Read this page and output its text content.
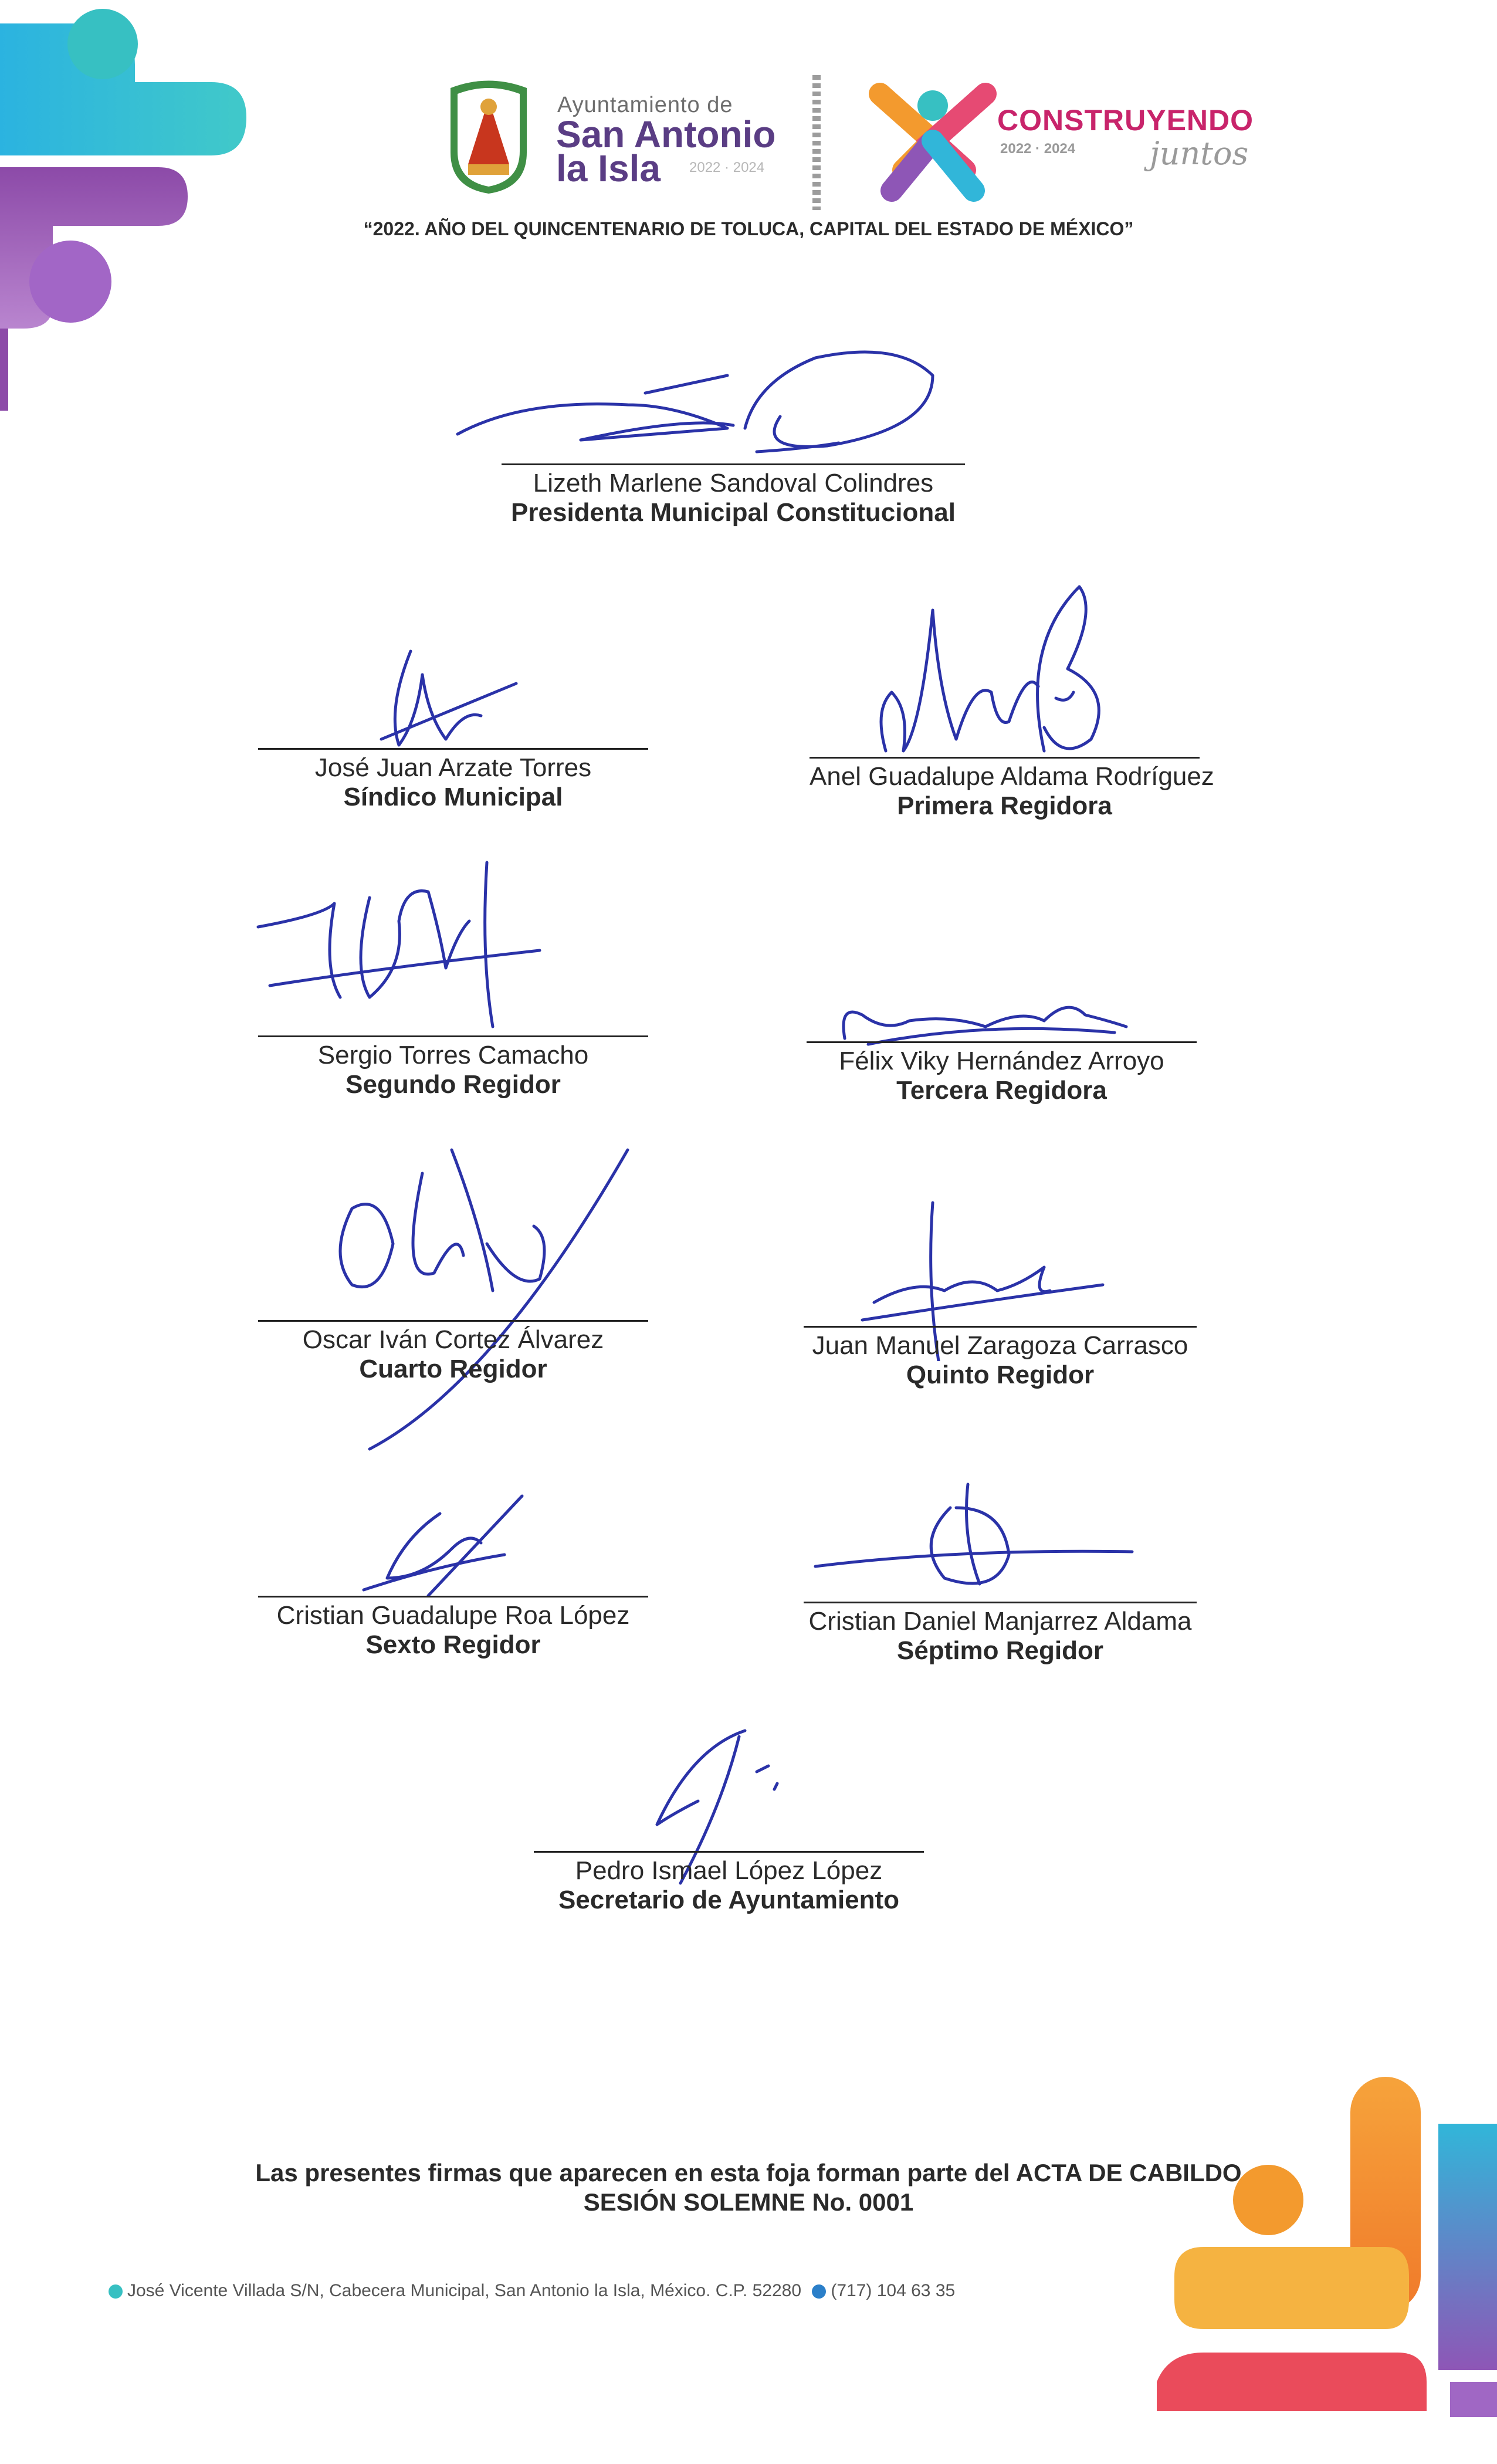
Ayuntamiento de
San Antonio
la Isla 2022 · 2024
CONSTRUYENDO
2022 · 2024 juntos
“2022. AÑO DEL QUINCENTENARIO DE TOLUCA, CAPITAL DEL ESTADO DE MÉXICO”
Lizeth Marlene Sandoval Colindres
Presidenta Municipal Constitucional
José Juan Arzate Torres
Síndico Municipal
Anel Guadalupe Aldama Rodríguez
Primera Regidora
Sergio Torres Camacho
Segundo Regidor
Félix Viky Hernández Arroyo
Tercera Regidora
Oscar Iván Cortez Álvarez
Cuarto Regidor
Juan Manuel Zaragoza Carrasco
Quinto Regidor
Cristian Guadalupe Roa López
Sexto Regidor
Cristian Daniel Manjarrez Aldama
Séptimo Regidor
Pedro Ismael López López
Secretario de Ayuntamiento
Las presentes firmas que aparecen en esta foja forman parte del ACTA DE CABILDO
SESIÓN SOLEMNE No. 0001
José Vicente Villada S/N, Cabecera Municipal, San Antonio la Isla, México. C.P. 52280 (717) 104 63 35
